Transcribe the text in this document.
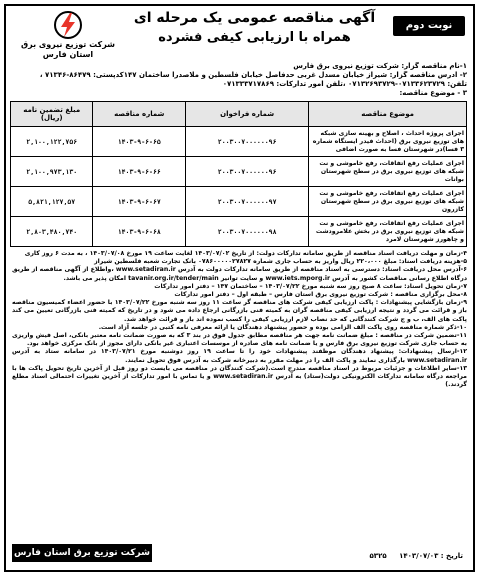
شرکت توزیع نیروی برق
استان فارس
آگهی مناقصه عمومی یک مرحله ای
همراه با ارزیابی کیفی فشرده
نوبت دوم
۱-نام مناقصه گزار: شرکت توزیع نیروی برق فارس
۲- آدرس مناقصه گزار: شیراز خیابان مسدل غربی حدفاصل خیابان فلسطین و ملاصدرا ساختمان ۱۴۷کدپستی: ۸۶۴۷۹-۷۱۳۴۶ ،
تلفن: ۰۷۱۳۳۶۲۳۷۲۹-۰۷۱۳۲۶۹۳۷۲۹ ،تلفن امور تدارکات: ۰۷۱۳۳۳۷۱۷۸۶۹
۳ - موضوع مناقصه:
موضوع مناقصه	شماره فراخوان	شماره مناقصه	مبلغ تضمین نامه (ریال)
اجرای پروژه احداث ، اصلاح و بهینه سازی شبکه های توزیع نیروی برق (احداث فیدر ایستگاه شماره ۳ فسا)در شهرستان فسا به صورت اضافی	۲۰۰۳۰۰۷۰۰۰۰۰۰۹۶	۱۴۰۳-۹-۶-۶۵	۲,۱۰۰,۱۲۲,۷۵۶
اجرای عملیات رفع اتفاقات، رفع خاموشی و نت شبکه های توزیع نیروی برق در سطح شهرستان بوانات	۲۰۰۳۰۰۷۰۰۰۰۰۰۹۶	۱۴۰۳-۹-۶-۶۶	۲,۱۰۰,۹۷۳,۱۳۰
اجرای عملیات رفع اتفاقات، رفع خاموشی و نت شبکه های توزیع نیروی برق در سطح شهرستان کازرون	۲۰۰۳۰۰۷۰۰۰۰۰۰۹۷	۱۴۰۳-۹-۶-۶۷	۵,۸۲۱,۱۲۷,۵۷
اجرای عملیات رفع اتفاقات، رفع خاموشی و نت شبکه های توزیع نیروی برق در بخش علامرودشت و چاهورز شهرستان لامرد	۲۰۰۳۰۰۷۰۰۰۰۰۰۹۸	۱۴۰۳-۹-۶-۶۸	۲,۸۰۳,۴۸۰,۷۴۰

۴-زمان و مهلت دریافت اسناد مناقصه از طریق سامانه تدارکات دولت: از تاریخ ۱۴۰۳/۰۷/۰۲ لغایت ساعت ۱۹ مورخ ۱۴۰۳/۰۷/۰۸ ، به مدت ۶ روز کاری

۵-هزینه دریافت اسناد: مبلغ ۲۲۰،۰۰۰ ریال واریز به حساب جاری شماره ۰۷۸۶۰۰۰۰۰۲۷۸۲۷ بانک تجارت شعبه فلسطین شیراز

۶-آدرس محل دریافت اسناد: دسترسی به اسناد مناقصه از طریق سامانه تدارکات دولت به آدرس www.setadiran.ir ،واطلاع از آگهی مناقصه از طریق درگاه اطلاع رسانی مناقصات کشور به آدرس www.iets.mporg.ir و سایت توانیر tavanir.org.ir/tender/main امکان پذیر می باشد.

۷-زمان تحویل اسناد: ساعت ۸ صبح روز سه شنبه مورخ ۱۴۰۳/۰۷/۲۲ – ساختمان ۱۴۷ – دفتر امور تدارکات

۸-محل برگزاری مناقصه : شرکت توزیع نیروی برق استان فارس – طبقه اول – دفتر امور تدارکات

۹-زمان بازگشایی پیشنهادات : پاکت ارزیابی کیفی شرکت های مناقصه گر ساعت ۱۱ روز سه شنبه مورخ ۱۴۰۳/۰۷/۲۲ با حضور اعضاء کمیسیون مناقصه باز و قرائت می گردد و نتیجه ارزیابی کیفی مناقصه گران به کمیته فنی بازرگانی ارجاع داده می شود و در تاریخ که کمیته فنی بازرگانی تعیین می کند پاکت های الف، ب و ج شرکت کنندگانی که حد نصاب لازم ارزیابی کیفی را کسب نموده اند باز و قرائت خواهد شد.

۱۰-ذکر شماره مناقصه روی پاکت الف الزامی بوده و حضور پیشنهاد دهندگان یا ارائه معرفی نامه کتبی در جلسه آزاد است.

۱۱-تضمین شرکت در مناقصه : مبلغ ضمانت نامه جهت هر مناقصه مطابق جدول فوق در بند ۳ که به صورت ضمانت نامه معتبر بانکی، اصل فیش واریزی به حساب جاری شرکت توزیع نیروی برق فارس و یا ضمانت نامه های صادره از موسسات اعتباری غیر بانکی دارای مجوز از بانک مرکزی خواهد بود.

۱۲-ارسال پیشنهادات: پیشنهاد دهندگان موظفند پیشنهادات خود را تا ساعت ۱۹ روز دوشنبه مورخ ۱۴۰۳/۰۷/۲۱ در سامانه ستاد به آدرس www.setadiran.ir بارگذاری نمایند و پاکت الف را در مهلت مقرر به دبیرخانه شرکت به آدرس فوق تحویل نمایند.

۱۳-سایر اطلاعات و جزئیات مربوط در اسناد مناقصه مندرج است.(شرکت کنندگان در مناقصه می بایست دو روز قبل از آخرین تاریخ تحویل پاکت ها با مراجعه درگاه سامانه تدارکات الکترونیکی دولت(ستاد) به آدرس www.setadiran.ir و یا تماس با امور تدارکات از آخرین تغییرات احتمالی اسناد مطلع گردند.)

شرکت توزیع برق استان فارس	۵۳۲۵ ۱۴۰۳/۰۷/۰۳ : تاریخ
